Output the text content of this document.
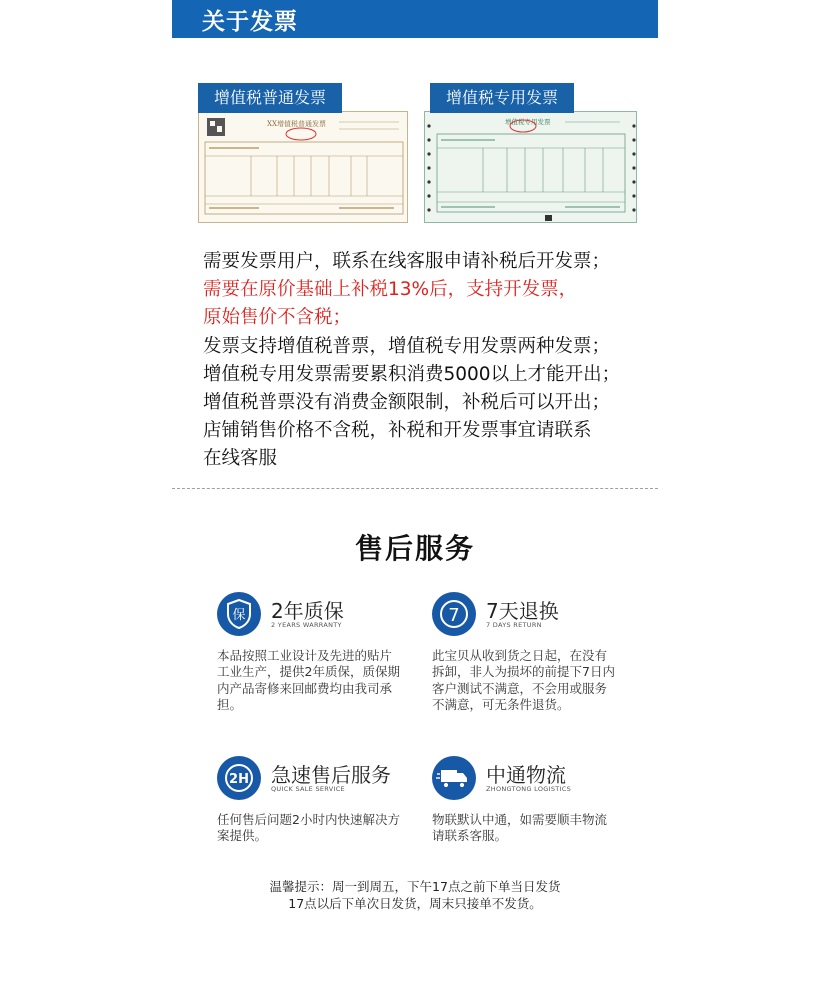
关于发票
增值税普通发票
XX增值税普通发票
增值税专用发票
增值税专用发票
需要发票用户，联系在线客服申请补税后开发票；
需要在原价基础上补税13%后，支持开发票，
原始售价不含税；
发票支持增值税普票，增值税专用发票两种发票；
增值税专用发票需要累积消费5000以上才能开出；
增值税普票没有消费金额限制，补税后可以开出；
店铺销售价格不含税，补税和开发票事宜请联系
在线客服
售后服务
保 2年质保
2 YEARS WARRANTY
本品按照工业设计及先进的贴片工业生产，提供2年质保，质保期内产品寄修来回邮费均由我司承担。
7 7天退换
7 DAYS RETURN
此宝贝从收到货之日起，在没有拆卸，非人为损坏的前提下7日内客户测试不满意，不会用或服务不满意，可无条件退货。
2H 急速售后服务
QUICK SALE SERVICE
任何售后问题2小时内快速解决方案提供。
中通物流
ZHONGTONG LOGISTICS
物联默认中通，如需要顺丰物流请联系客服。
温馨提示：周一到周五，下午17点之前下单当日发货
17点以后下单次日发货，周末只接单不发货。
